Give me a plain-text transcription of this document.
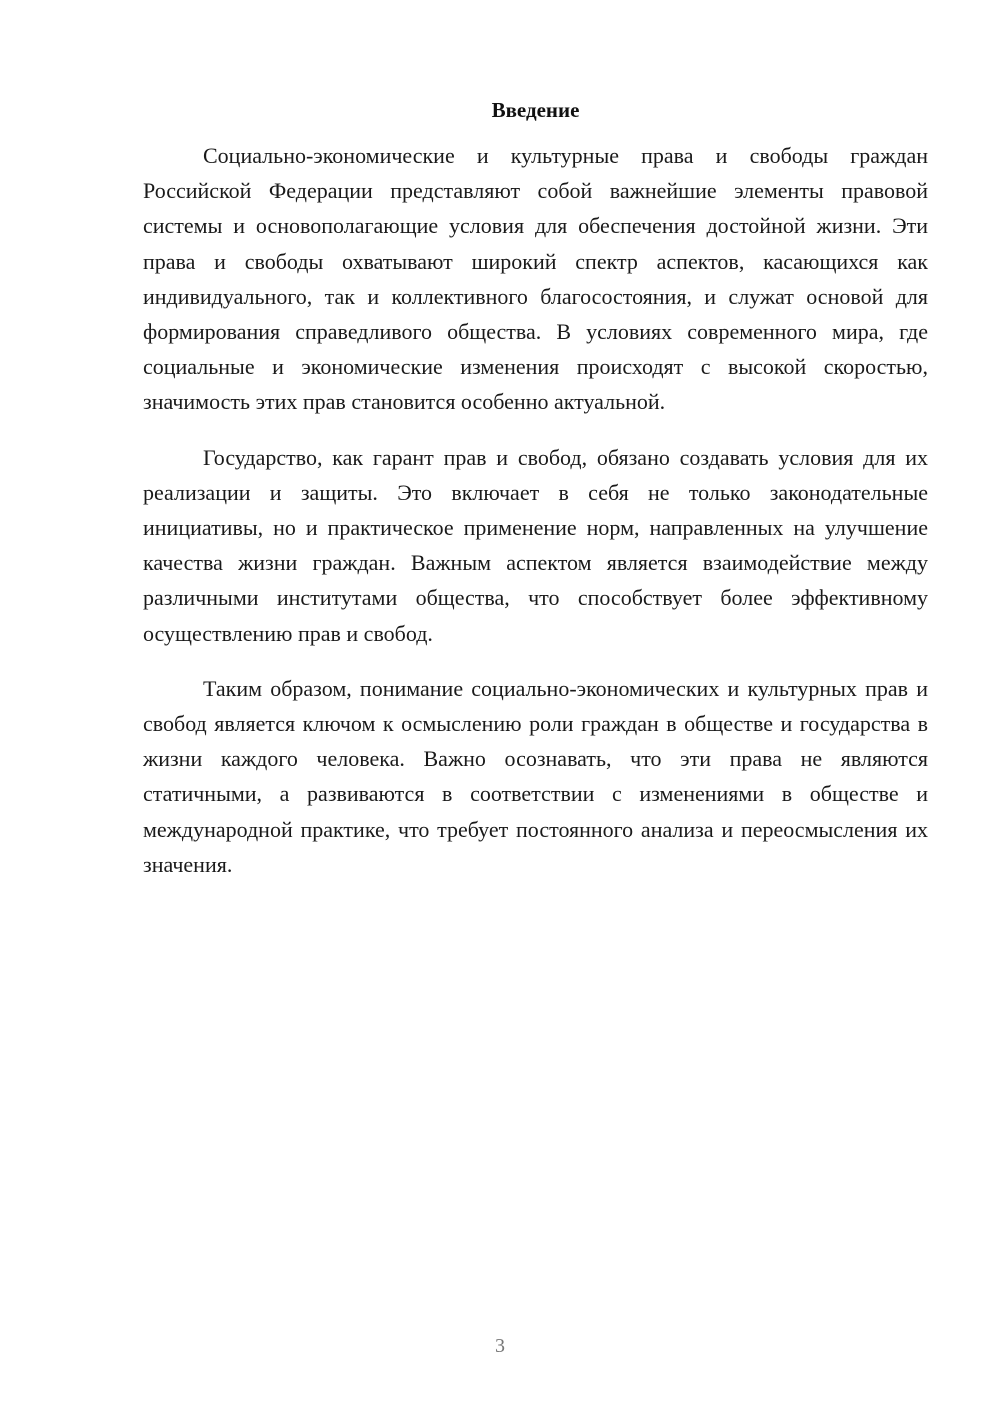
Введение

Социально-экономические и культурные права и свободы граждан Российской Федерации представляют собой важнейшие элементы правовой системы и основополагающие условия для обеспечения достойной жизни. Эти права и свободы охватывают широкий спектр аспектов, касающихся как индивидуального, так и коллективного благосостояния, и служат основой для формирования справедливого общества. В условиях современного мира, где социальные и экономические изменения происходят с высокой скоростью, значимость этих прав становится особенно актуальной.

Государство, как гарант прав и свобод, обязано создавать условия для их реализации и защиты. Это включает в себя не только законодательные инициативы, но и практическое применение норм, направленных на улучшение качества жизни граждан. Важным аспектом является взаимодействие между различными институтами общества, что способствует более эффективному осуществлению прав и свобод.

Таким образом, понимание социально-экономических и культурных прав и свобод является ключом к осмыслению роли граждан в обществе и государства в жизни каждого человека. Важно осознавать, что эти права не являются статичными, а развиваются в соответствии с изменениями в обществе и международной практике, что требует постоянного анализа и переосмысления их значения.

3
